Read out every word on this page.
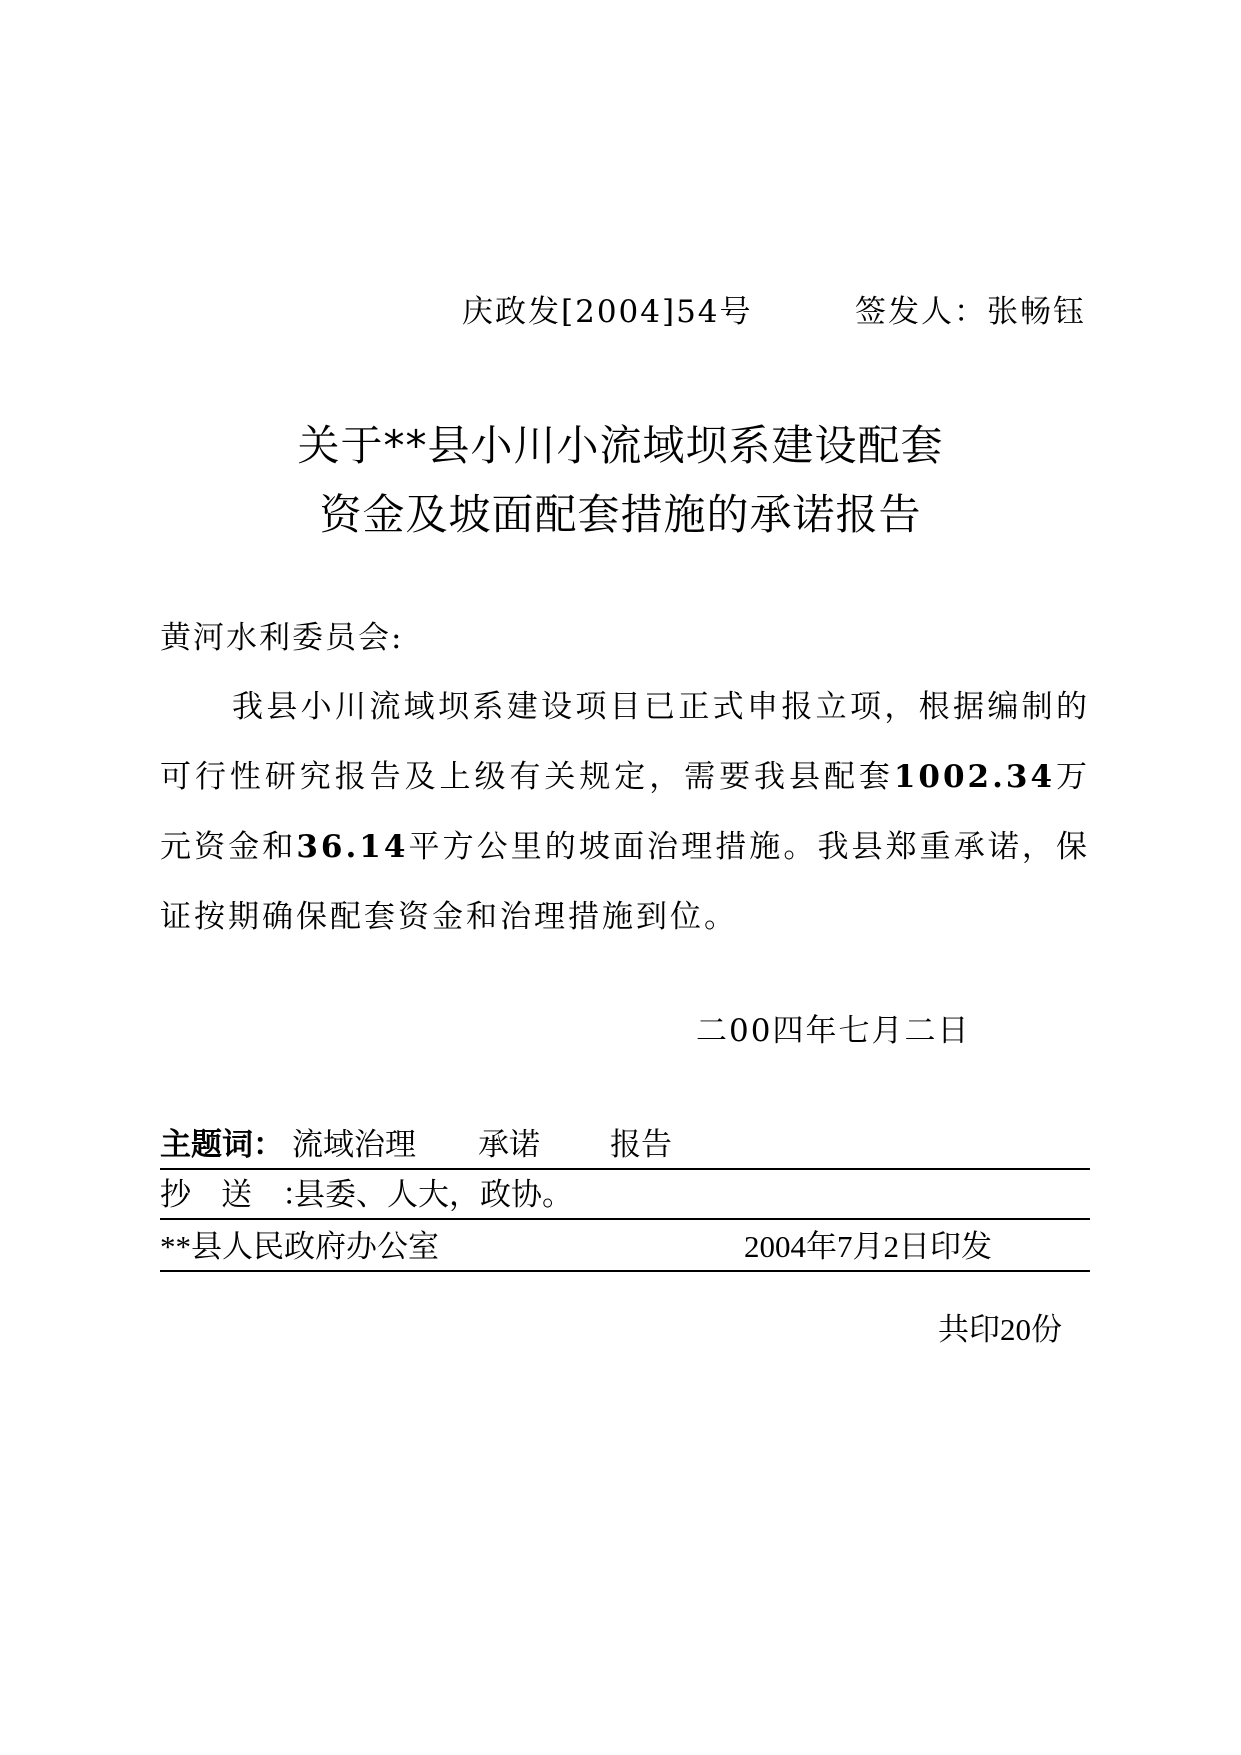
庆政发[2004]54号	签发人：张畅钰
关于**县小川小流域坝系建设配套
资金及坡面配套措施的承诺报告
黄河水利委员会:
我县小川流域坝系建设项目已正式申报立项，根据编制的可行性研究报告及上级有关规定，需要我县配套1002.34万元资金和36.14平方公里的坡面治理措施。我县郑重承诺，保证按期确保配套资金和治理措施到位。
二00四年七月二日
主题词： 流域治理 承诺 报告
抄送：
县委、人大，政协。
**县人民政府办公室	2004年7月2日印发
共印20份
